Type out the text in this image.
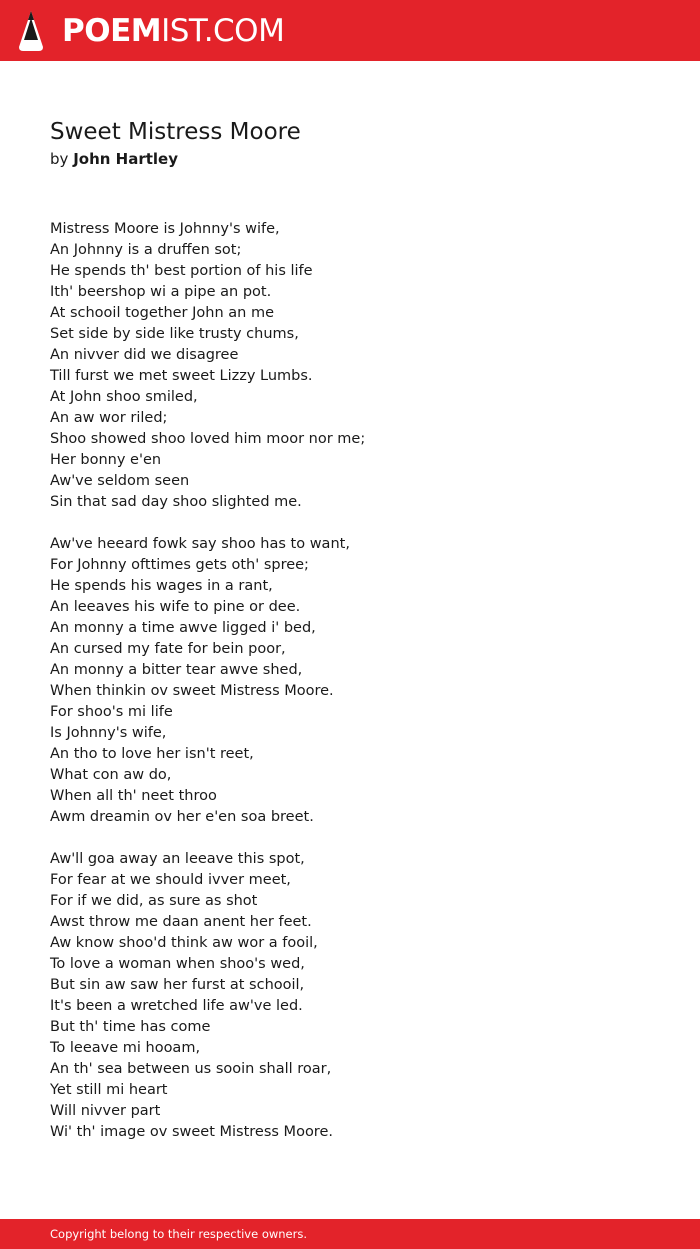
POEMIST.COM
Sweet Mistress Moore
by John Hartley
Mistress Moore is Johnny's wife,
An Johnny is a druffen sot;
He spends th' best portion of his life
Ith' beershop wi a pipe an pot.
At schooil together John an me
Set side by side like trusty chums,
An nivver did we disagree
Till furst we met sweet Lizzy Lumbs.
At John shoo smiled,
An aw wor riled;
Shoo showed shoo loved him moor nor me;
Her bonny e'en
Aw've seldom seen
Sin that sad day shoo slighted me.
Aw've heeard fowk say shoo has to want,
For Johnny ofttimes gets oth' spree;
He spends his wages in a rant,
An leeaves his wife to pine or dee.
An monny a time awve ligged i' bed,
An cursed my fate for bein poor,
An monny a bitter tear awve shed,
When thinkin ov sweet Mistress Moore.
For shoo's mi life
Is Johnny's wife,
An tho to love her isn't reet,
What con aw do,
When all th' neet throo
Awm dreamin ov her e'en soa breet.
Aw'll goa away an leeave this spot,
For fear at we should ivver meet,
For if we did, as sure as shot
Awst throw me daan anent her feet.
Aw know shoo'd think aw wor a fooil,
To love a woman when shoo's wed,
But sin aw saw her furst at schooil,
It's been a wretched life aw've led.
But th' time has come
To leeave mi hooam,
An th' sea between us sooin shall roar,
Yet still mi heart
Will nivver part
Wi' th' image ov sweet Mistress Moore.
Copyright belong to their respective owners.
